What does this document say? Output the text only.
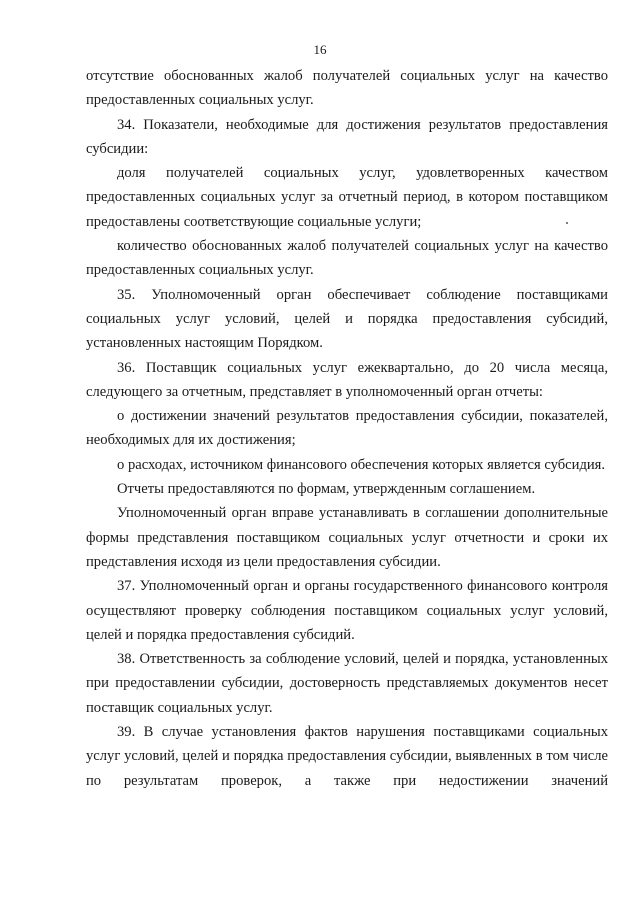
16

отсутствие обоснованных жалоб получателей социальных услуг на качество предоставленных социальных услуг.

34. Показатели, необходимые для достижения результатов предоставления субсидии:

доля получателей социальных услуг, удовлетворенных качеством предоставленных социальных услуг за отчетный период, в котором поставщиком предоставлены соответствующие социальные услуги;

количество обоснованных жалоб получателей социальных услуг на качество предоставленных социальных услуг.

35. Уполномоченный орган обеспечивает соблюдение поставщиками социальных услуг условий, целей и порядка предоставления субсидий, установленных настоящим Порядком.

36. Поставщик социальных услуг ежеквартально, до 20 числа месяца, следующего за отчетным, представляет в уполномоченный орган отчеты:

о достижении значений результатов предоставления субсидии, показателей, необходимых для их достижения;

о расходах, источником финансового обеспечения которых является субсидия.

Отчеты предоставляются по формам, утвержденным соглашением.

Уполномоченный орган вправе устанавливать в соглашении дополнительные формы представления поставщиком социальных услуг отчетности и сроки их представления исходя из цели предоставления субсидии.

37. Уполномоченный орган и органы государственного финансового контроля осуществляют проверку соблюдения поставщиком социальных услуг условий, целей и порядка предоставления субсидий.

38. Ответственность за соблюдение условий, целей и порядка, установленных при предоставлении субсидии, достоверность представляемых документов несет поставщик социальных услуг.

39. В случае установления фактов нарушения поставщиками социальных услуг условий, целей и порядка предоставления субсидии, выявленных в том числе по результатам проверок, а также при недостижении значений
